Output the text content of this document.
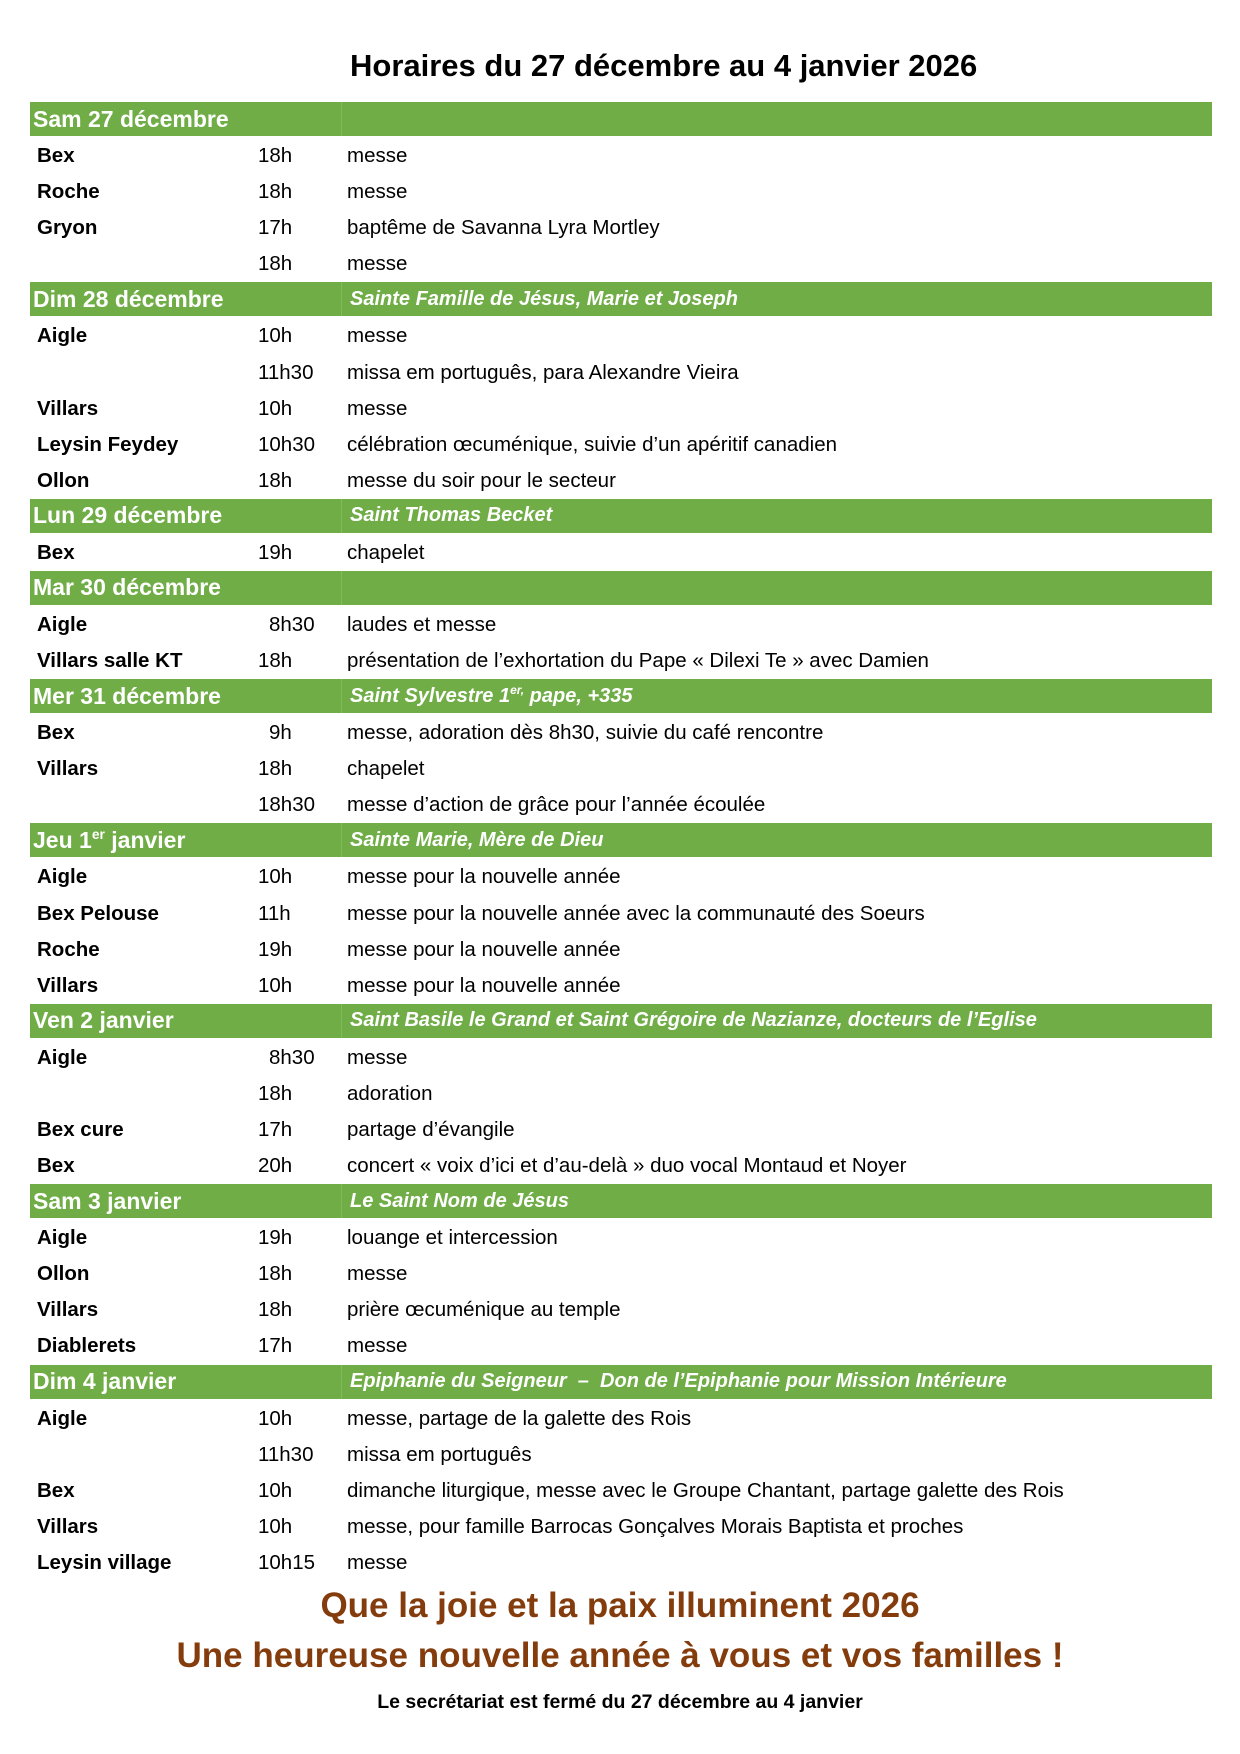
Horaires du 27 décembre au 4 janvier 2026
Sam 27 décembre
Bex	18h	messe
Roche	18h	messe
Gryon	17h	baptême de Savanna Lyra Mortley
18h	messe
Dim 28 décembre	Sainte Famille de Jésus, Marie et Joseph
Aigle	10h	messe
11h30	missa em português, para Alexandre Vieira
Villars	10h	messe
Leysin Feydey	10h30	célébration œcuménique, suivie d’un apéritif canadien
Ollon	18h	messe du soir pour le secteur
Lun 29 décembre	Saint Thomas Becket
Bex	19h	chapelet
Mar 30 décembre
Aigle	8h30	laudes et messe
Villars salle KT	18h	présentation de l’exhortation du Pape « Dilexi Te » avec Damien
Mer 31 décembre	Saint Sylvestre $1^{er,}$ pape, +335
Bex	9h	messe, adoration dès 8h30, suivie du café rencontre
Villars	18h	chapelet
18h30	messe d’action de grâce pour l’année écoulée
Jeu 1er janvier	Sainte Marie, Mère de Dieu
Aigle	10h	messe pour la nouvelle année
Bex Pelouse	11h	messe pour la nouvelle année avec la communauté des Soeurs
Roche	19h	messe pour la nouvelle année
Villars	10h	messe pour la nouvelle année
Ven 2 janvier	Saint Basile le Grand et Saint Grégoire de Nazianze, docteurs de l’Eglise
Aigle	8h30	messe
18h	adoration
Bex cure	17h	partage d’évangile
Bex	20h	concert « voix d’ici et d’au-delà » duo vocal Montaud et Noyer
Sam 3 janvier	Le Saint Nom de Jésus
Aigle	19h	louange et intercession
Ollon	18h	messe
Villars	18h	prière œcuménique au temple
Diablerets	17h	messe
Dim 4 janvier	Epiphanie du Seigneur  –  Don de l’Epiphanie pour Mission Intérieure
Aigle	10h	messe, partage de la galette des Rois
11h30	missa em português
Bex	10h	dimanche liturgique, messe avec le Groupe Chantant, partage galette des Rois
Villars	10h	messe, pour famille Barrocas Gonçalves Morais Baptista et proches
Leysin village	10h15	messe
Que la joie et la paix illuminent 2026
Une heureuse nouvelle année à vous et vos familles !
Le secrétariat est fermé du 27 décembre au 4 janvier
